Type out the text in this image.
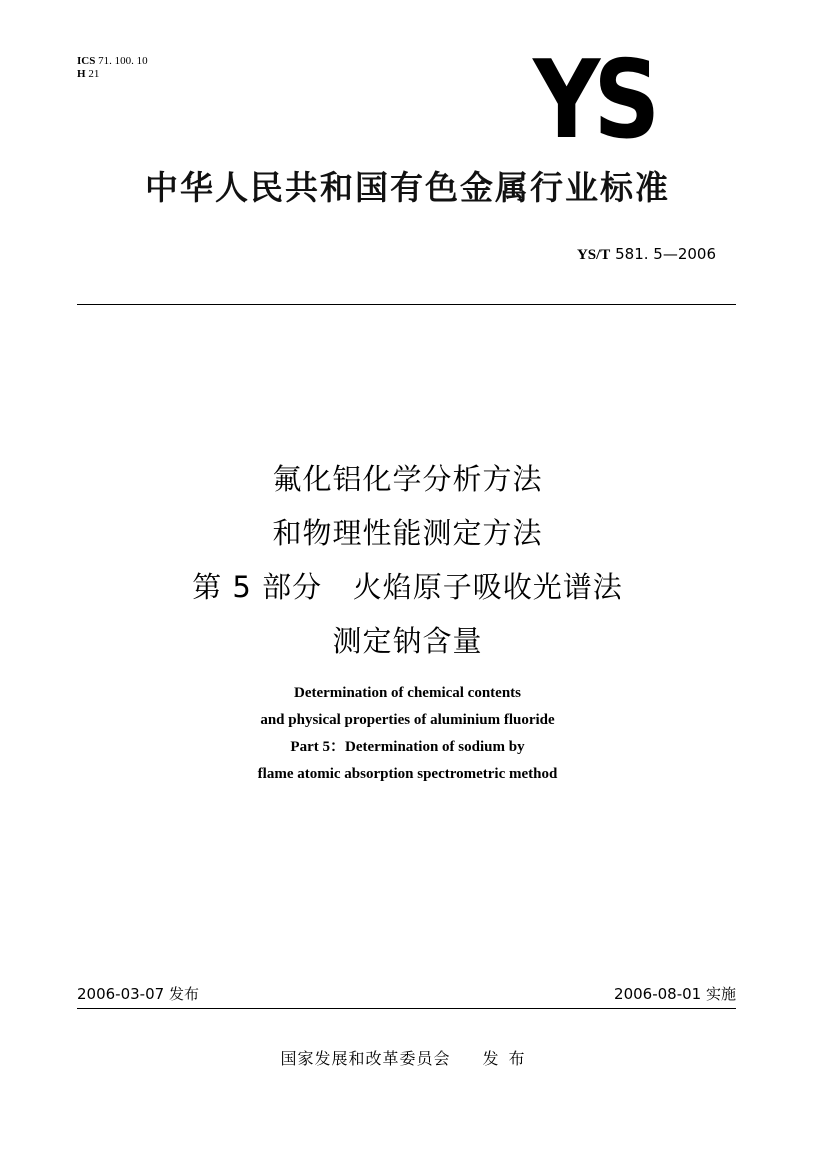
ICS 71. 100. 10
H 21	YS
中华人民共和国有色金属行业标准
YS/T 581. 5—2006
氟化铝化学分析方法
和物理性能测定方法
第 5 部分   火焰原子吸收光谱法
测定钠含量
Determination of chemical contents
and physical properties of aluminium fluoride
Part 5：Determination of sodium by
flame atomic absorption spectrometric method
2006-03-07 发布	2006-08-01 实施
国家发展和改革委员会 发布
